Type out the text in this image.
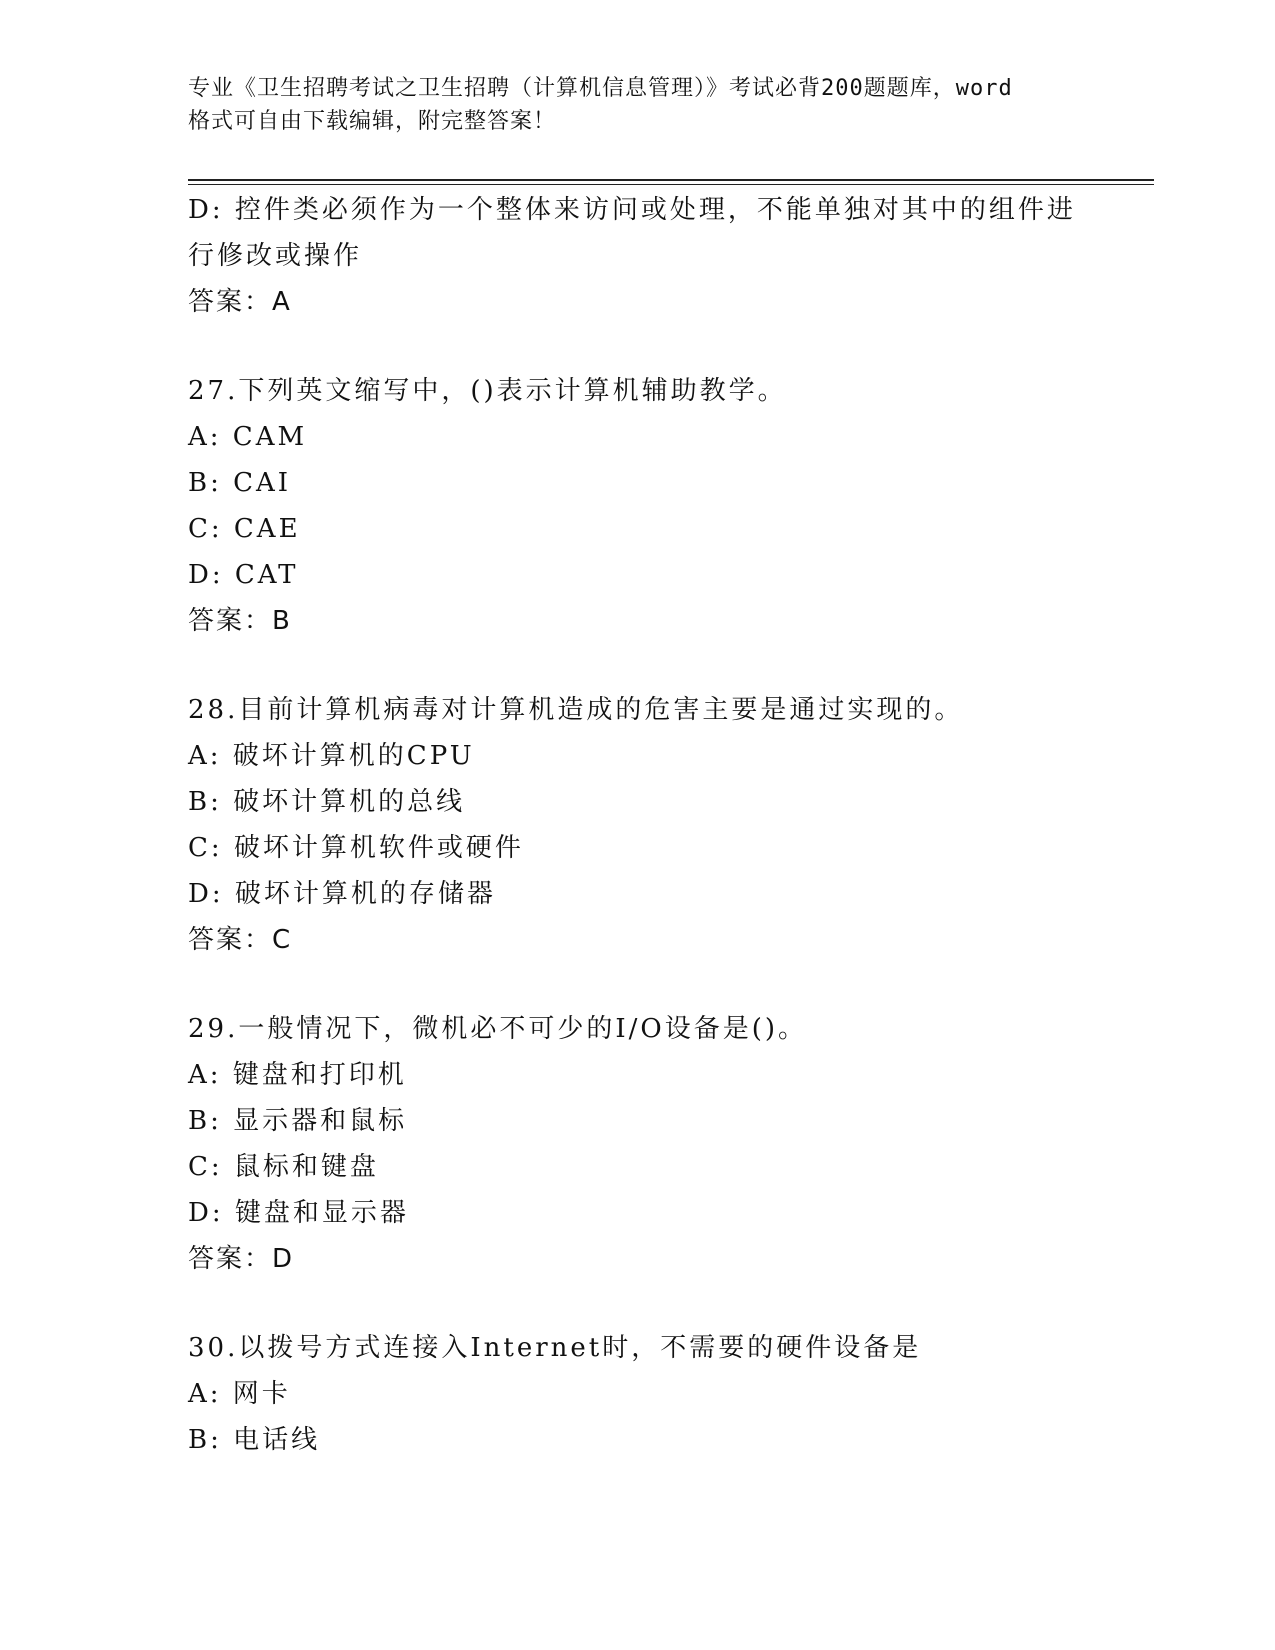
专业《卫生招聘考试之卫生招聘（计算机信息管理）》考试必背200题题库，word
格式可自由下载编辑，附完整答案！
D: 控件类必须作为一个整体来访问或处理，不能单独对其中的组件进
行修改或操作
答案：A
27.下列英文缩写中，()表示计算机辅助教学。
A: CAM
B: CAI
C: CAE
D: CAT
答案：B
28.目前计算机病毒对计算机造成的危害主要是通过实现的。
A: 破坏计算机的CPU
B: 破坏计算机的总线
C: 破坏计算机软件或硬件
D: 破坏计算机的存储器
答案：C
29.一般情况下，微机必不可少的I/O设备是()。
A: 键盘和打印机
B: 显示器和鼠标
C: 鼠标和键盘
D: 键盘和显示器
答案：D
30.以拨号方式连接入Internet时，不需要的硬件设备是
A: 网卡
B: 电话线
